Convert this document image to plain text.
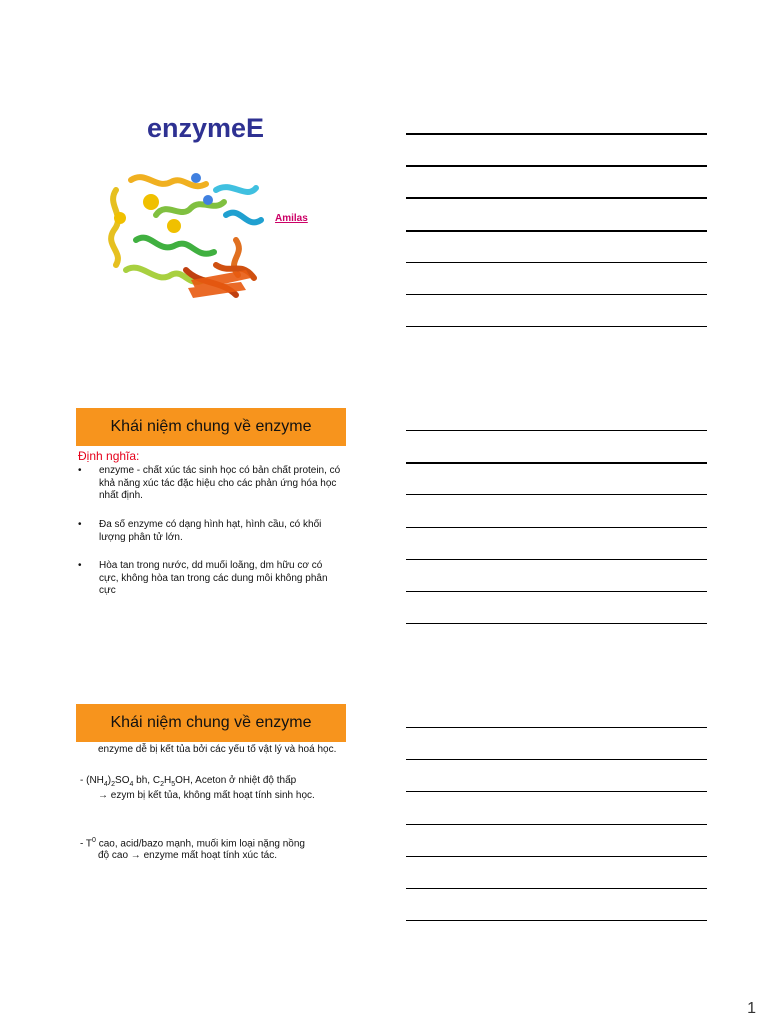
enzymeE
Amilas
Khái niệm chung về enzyme
Định nghĩa:
• enzyme - chất xúc tác sinh học có bản chất protein, có khả năng xúc tác đặc hiệu cho các phản ứng hóa học nhất định.
• Đa số enzyme có dạng hình hạt, hình cầu, có khối lượng phân tử lớn.
• Hòa tan trong nước, dd muối loãng, dm hữu cơ có cực, không hòa tan trong các dung môi không phân cực
Khái niệm chung về enzyme
enzyme dễ bị kết tủa bởi các yếu tố vật lý và hoá học.
- $(NH_4)_2SO_4$ bh, $C_2H_5OH$, Aceton ở nhiệt độ thấp
→ ezym bị kết tủa, không mất hoạt tính sinh học.
- $T^0$ cao, acid/bazo mạnh, muối kim loại nặng nồng
độ cao → enzyme mất hoạt tính xúc tác.
1
